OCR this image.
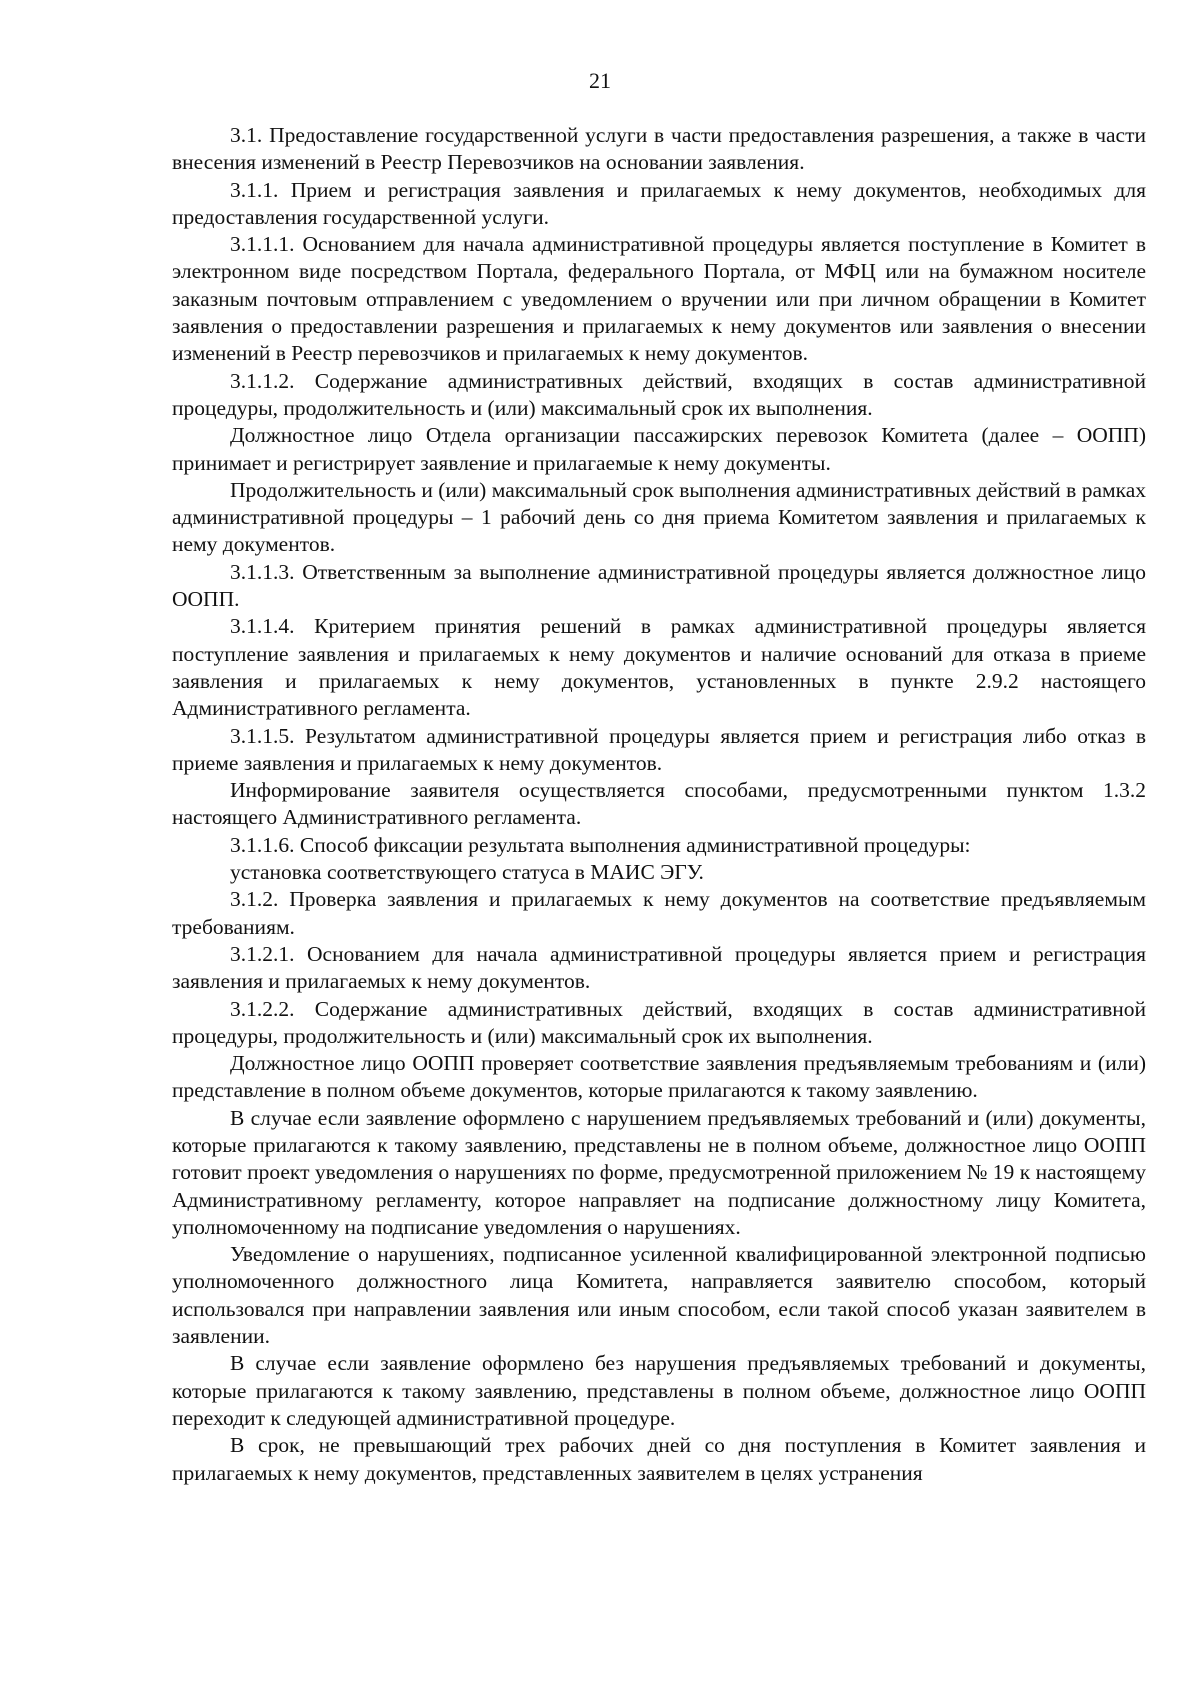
21

3.1. Предоставление государственной услуги в части предоставления разрешения, а также в части внесения изменений в Реестр Перевозчиков на основании заявления.

3.1.1. Прием и регистрация заявления и прилагаемых к нему документов, необходимых для предоставления государственной услуги.

3.1.1.1. Основанием для начала административной процедуры является поступление в Комитет в электронном виде посредством Портала, федерального Портала, от МФЦ или на бумажном носителе заказным почтовым отправлением с уведомлением о вручении или при личном обращении в Комитет заявления о предоставлении разрешения и прилагаемых к нему документов или заявления о внесении изменений в Реестр перевозчиков и прилагаемых к нему документов.

3.1.1.2. Содержание административных действий, входящих в состав административной процедуры, продолжительность и (или) максимальный срок их выполнения.

Должностное лицо Отдела организации пассажирских перевозок Комитета (далее – ООПП) принимает и регистрирует заявление и прилагаемые к нему документы.

Продолжительность и (или) максимальный срок выполнения административных действий в рамках административной процедуры – 1 рабочий день со дня приема Комитетом заявления и прилагаемых к нему документов.

3.1.1.3. Ответственным за выполнение административной процедуры является должностное лицо ООПП.

3.1.1.4. Критерием принятия решений в рамках административной процедуры является поступление заявления и прилагаемых к нему документов и наличие оснований для отказа в приеме заявления и прилагаемых к нему документов, установленных в пункте 2.9.2 настоящего Административного регламента.

3.1.1.5. Результатом административной процедуры является прием и регистрация либо отказ в приеме заявления и прилагаемых к нему документов.

Информирование заявителя осуществляется способами, предусмотренными пунктом 1.3.2 настоящего Административного регламента.

3.1.1.6. Способ фиксации результата выполнения административной процедуры:

установка соответствующего статуса в МАИС ЭГУ.

3.1.2. Проверка заявления и прилагаемых к нему документов на соответствие предъявляемым требованиям.

3.1.2.1. Основанием для начала административной процедуры является прием и регистрация заявления и прилагаемых к нему документов.

3.1.2.2. Содержание административных действий, входящих в состав административной процедуры, продолжительность и (или) максимальный срок их выполнения.

Должностное лицо ООПП проверяет соответствие заявления предъявляемым требованиям и (или) представление в полном объеме документов, которые прилагаются к такому заявлению.

В случае если заявление оформлено с нарушением предъявляемых требований и (или) документы, которые прилагаются к такому заявлению, представлены не в полном объеме, должностное лицо ООПП готовит проект уведомления о нарушениях по форме, предусмотренной приложением № 19 к настоящему Административному регламенту, которое направляет на подписание должностному лицу Комитета, уполномоченному на подписание уведомления о нарушениях.

Уведомление о нарушениях, подписанное усиленной квалифицированной электронной подписью уполномоченного должностного лица Комитета, направляется заявителю способом, который использовался при направлении заявления или иным способом, если такой способ указан заявителем в заявлении.

В случае если заявление оформлено без нарушения предъявляемых требований и документы, которые прилагаются к такому заявлению, представлены в полном объеме, должностное лицо ООПП переходит к следующей административной процедуре.

В срок, не превышающий трех рабочих дней со дня поступления в Комитет заявления и прилагаемых к нему документов, представленных заявителем в целях устранения
